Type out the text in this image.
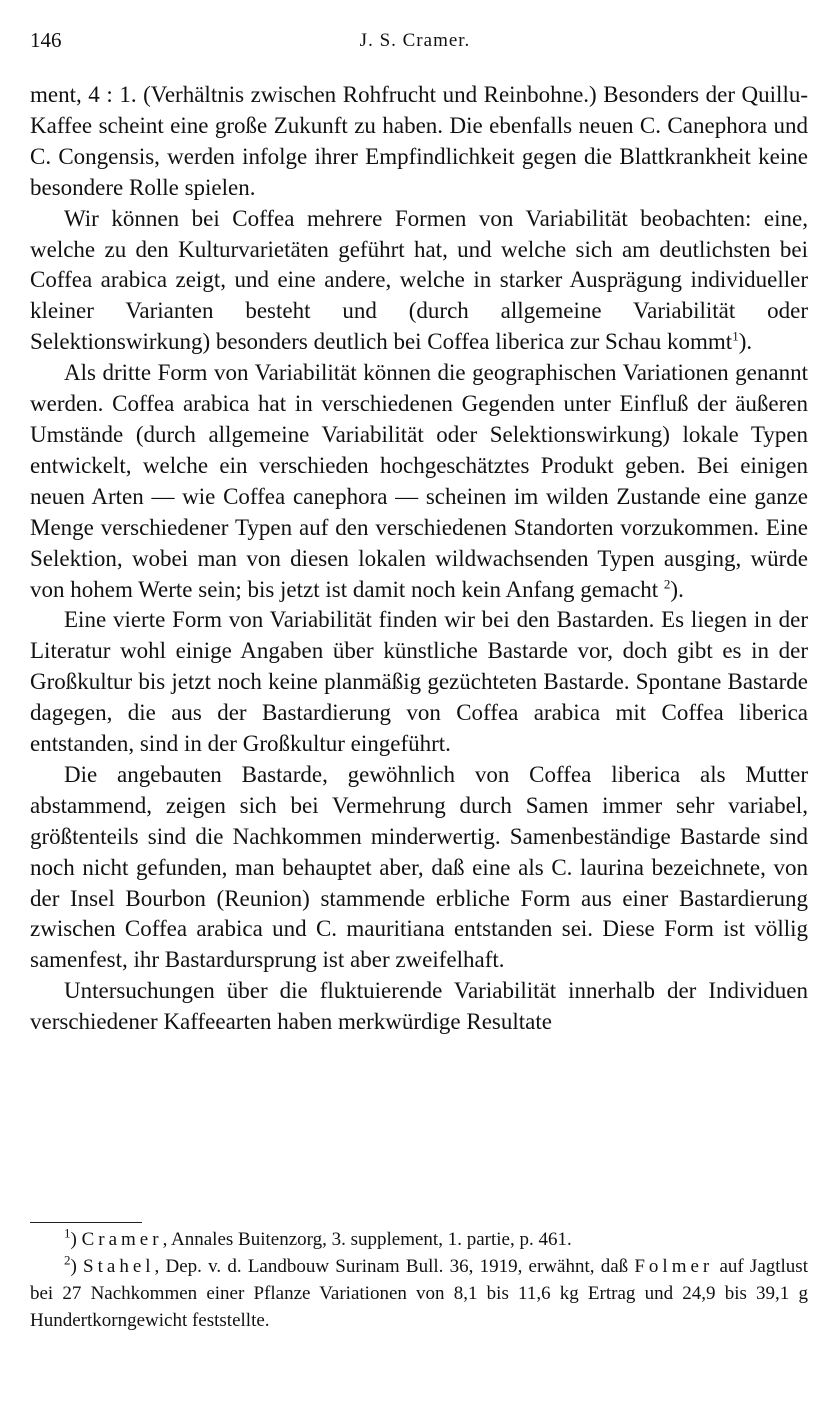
146	J. S. Cramer.

ment, 4 : 1. (Verhältnis zwischen Rohfrucht und Reinbohne.) Besonders der Quillu-Kaffee scheint eine große Zukunft zu haben. Die ebenfalls neuen C. Canephora und C. Congensis, werden infolge ihrer Empfindlichkeit gegen die Blattkrankheit keine besondere Rolle spielen.

Wir können bei Coffea mehrere Formen von Variabilität beobachten: eine, welche zu den Kulturvarietäten geführt hat, und welche sich am deutlichsten bei Coffea arabica zeigt, und eine andere, welche in starker Ausprägung individueller kleiner Varianten besteht und (durch allgemeine Variabilität oder Selektionswirkung) besonders deutlich bei Coffea liberica zur Schau kommt$^1$).

Als dritte Form von Variabilität können die geographischen Variationen genannt werden. Coffea arabica hat in verschiedenen Gegenden unter Einfluß der äußeren Umstände (durch allgemeine Variabilität oder Selektionswirkung) lokale Typen entwickelt, welche ein verschieden hochgeschätztes Produkt geben. Bei einigen neuen Arten — wie Coffea canephora — scheinen im wilden Zustande eine ganze Menge verschiedener Typen auf den verschiedenen Standorten vorzukommen. Eine Selektion, wobei man von diesen lokalen wildwachsenden Typen ausging, würde von hohem Werte sein; bis jetzt ist damit noch kein Anfang gemacht $^2$).

Eine vierte Form von Variabilität finden wir bei den Bastarden. Es liegen in der Literatur wohl einige Angaben über künstliche Bastarde vor, doch gibt es in der Großkultur bis jetzt noch keine planmäßig gezüchteten Bastarde. Spontane Bastarde dagegen, die aus der Bastardierung von Coffea arabica mit Coffea liberica entstanden, sind in der Großkultur eingeführt.

Die angebauten Bastarde, gewöhnlich von Coffea liberica als Mutter abstammend, zeigen sich bei Vermehrung durch Samen immer sehr variabel, größtenteils sind die Nachkommen minderwertig. Samenbeständige Bastarde sind noch nicht gefunden, man behauptet aber, daß eine als C. laurina bezeichnete, von der Insel Bourbon (Reunion) stammende erbliche Form aus einer Bastardierung zwischen Coffea arabica und C. mauritiana entstanden sei. Diese Form ist völlig samenfest, ihr Bastardursprung ist aber zweifelhaft.

Untersuchungen über die fluktuierende Variabilität innerhalb der Individuen verschiedener Kaffeearten haben merkwürdige Resultate

$^1$) Cramer, Annales Buitenzorg, 3. supplement, 1. partie, p. 461.

$^2$) Stahel, Dep. v. d. Landbouw Surinam Bull. 36, 1919, erwähnt, daß Folmer auf Jagtlust bei 27 Nachkommen einer Pflanze Variationen von 8,1 bis 11,6 kg Ertrag und 24,9 bis 39,1 g Hundertkorngewicht feststellte.
